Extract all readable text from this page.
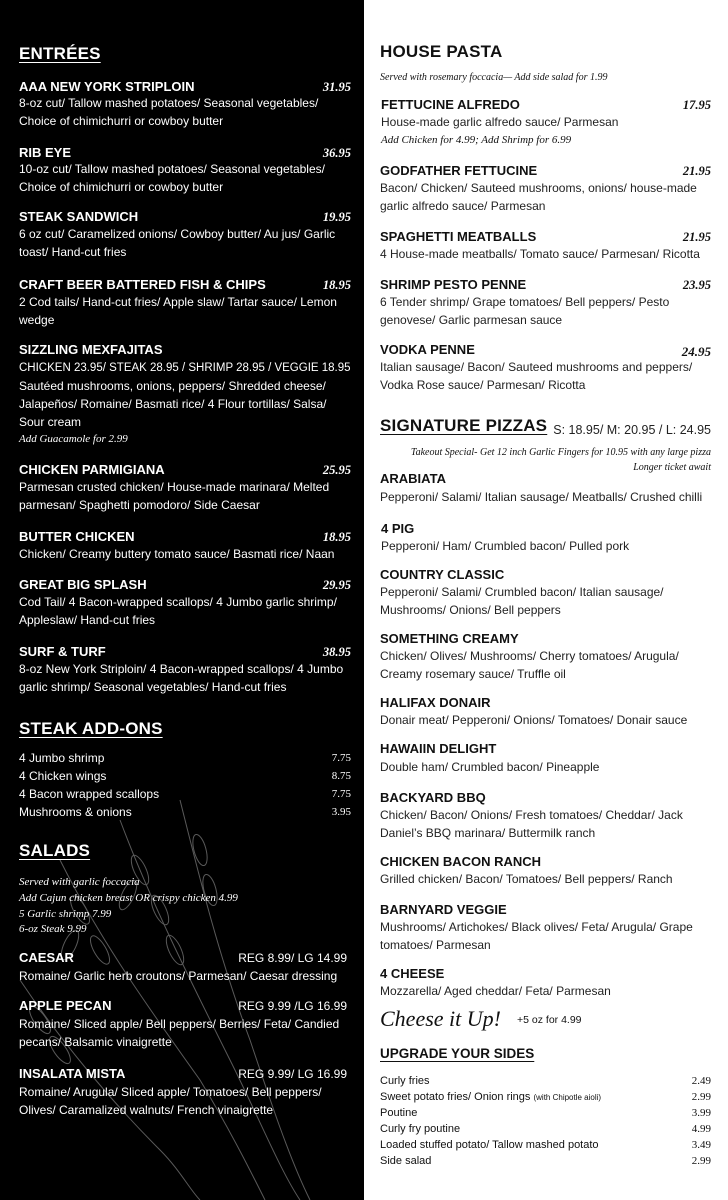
ENTRÉES
AAA NEW YORK STRIPLOIN	31.95
8-oz cut/ Tallow mashed potatoes/ Seasonal vegetables/ Choice of chimichurri or cowboy butter
RIB EYE	36.95
10-oz cut/ Tallow mashed potatoes/ Seasonal vegetables/ Choice of chimichurri or cowboy butter
STEAK SANDWICH	19.95
6 oz cut/ Caramelized onions/ Cowboy butter/ Au jus/ Garlic toast/ Hand-cut fries
CRAFT BEER BATTERED FISH & CHIPS	18.95
2 Cod tails/ Hand-cut fries/ Apple slaw/ Tartar sauce/ Lemon wedge
SIZZLING MEXFAJITAS
CHICKEN 23.95/ STEAK 28.95 / SHRIMP 28.95 / VEGGIE 18.95
Sautéed mushrooms, onions, peppers/ Shredded cheese/ Jalapeños/ Romaine/ Basmati rice/ 4 Flour tortillas/ Salsa/ Sour cream
Add Guacamole for 2.99
CHICKEN PARMIGIANA	25.95
Parmesan crusted chicken/ House-made marinara/ Melted parmesan/ Spaghetti pomodoro/ Side Caesar
BUTTER CHICKEN	18.95
Chicken/ Creamy buttery tomato sauce/ Basmati rice/ Naan
GREAT BIG SPLASH	29.95
Cod Tail/ 4 Bacon-wrapped scallops/ 4 Jumbo garlic shrimp/ Appleslaw/ Hand-cut fries
SURF & TURF	38.95
8-oz New York Striploin/ 4 Bacon-wrapped scallops/ 4 Jumbo garlic shrimp/ Seasonal vegetables/ Hand-cut fries
STEAK ADD-ONS
4 Jumbo shrimp	7.75
4 Chicken wings	8.75
4 Bacon wrapped scallops	7.75
Mushrooms & onions	3.95
SALADS
Served with garlic foccacia
Add Cajun chicken breast OR crispy chicken 4.99
5 Garlic shrimp 7.99
6-oz Steak 9.99
CAESAR	REG 8.99/ LG 14.99
Romaine/ Garlic herb croutons/ Parmesan/ Caesar dressing
APPLE PECAN	REG 9.99 /LG 16.99
Romaine/ Sliced apple/ Bell peppers/ Berries/ Feta/ Candied pecans/ Balsamic vinaigrette
INSALATA MISTA	REG 9.99/ LG 16.99
Romaine/ Arugula/ Sliced apple/ Tomatoes/ Bell peppers/ Olives/ Caramalized walnuts/ French vinaigrette
HOUSE PASTA
Served with rosemary foccacia— Add side salad for 1.99
FETTUCINE ALFREDO	17.95
House-made garlic alfredo sauce/ Parmesan
Add Chicken for 4.99; Add Shrimp for 6.99
GODFATHER FETTUCINE	21.95
Bacon/ Chicken/ Sauteed mushrooms, onions/ house-made garlic alfredo sauce/ Parmesan
SPAGHETTI MEATBALLS	21.95
4 House-made meatballs/ Tomato sauce/ Parmesan/ Ricotta
SHRIMP PESTO PENNE	23.95
6 Tender shrimp/ Grape tomatoes/ Bell peppers/ Pesto genovese/ Garlic parmesan sauce
VODKA PENNE	24.95
Italian sausage/ Bacon/ Sauteed mushrooms and peppers/ Vodka Rose sauce/ Parmesan/ Ricotta
SIGNATURE PIZZAS S: 18.95/ M: 20.95 / L: 24.95
Takeout Special- Get 12 inch Garlic Fingers for 10.95 with any large pizza
Longer ticket await
ARABIATA
Pepperoni/ Salami/ Italian sausage/ Meatballs/ Crushed chilli
4 PIG
Pepperoni/ Ham/ Crumbled bacon/ Pulled pork
COUNTRY CLASSIC
Pepperoni/ Salami/ Crumbled bacon/ Italian sausage/ Mushrooms/ Onions/ Bell peppers
SOMETHING CREAMY
Chicken/ Olives/ Mushrooms/ Cherry tomatoes/ Arugula/ Creamy rosemary sauce/ Truffle oil
HALIFAX DONAIR
Donair meat/ Pepperoni/ Onions/ Tomatoes/ Donair sauce
HAWAIIN DELIGHT
Double ham/ Crumbled bacon/ Pineapple
BACKYARD BBQ
Chicken/ Bacon/ Onions/ Fresh tomatoes/ Cheddar/ Jack Daniel’s BBQ marinara/ Buttermilk ranch
CHICKEN BACON RANCH
Grilled chicken/ Bacon/ Tomatoes/ Bell peppers/ Ranch
BARNYARD VEGGIE
Mushrooms/ Artichokes/ Black olives/ Feta/ Arugula/ Grape tomatoes/ Parmesan
4 CHEESE
Mozzarella/ Aged cheddar/ Feta/ Parmesan
Cheese it Up! +5 oz for 4.99
UPGRADE YOUR SIDES
Curly fries	2.49
Sweet potato fries/ Onion rings (with Chipotle aioli)	2.99
Poutine	3.99
Curly fry poutine	4.99
Loaded stuffed potato/ Tallow mashed potato	3.49
Side salad	2.99
